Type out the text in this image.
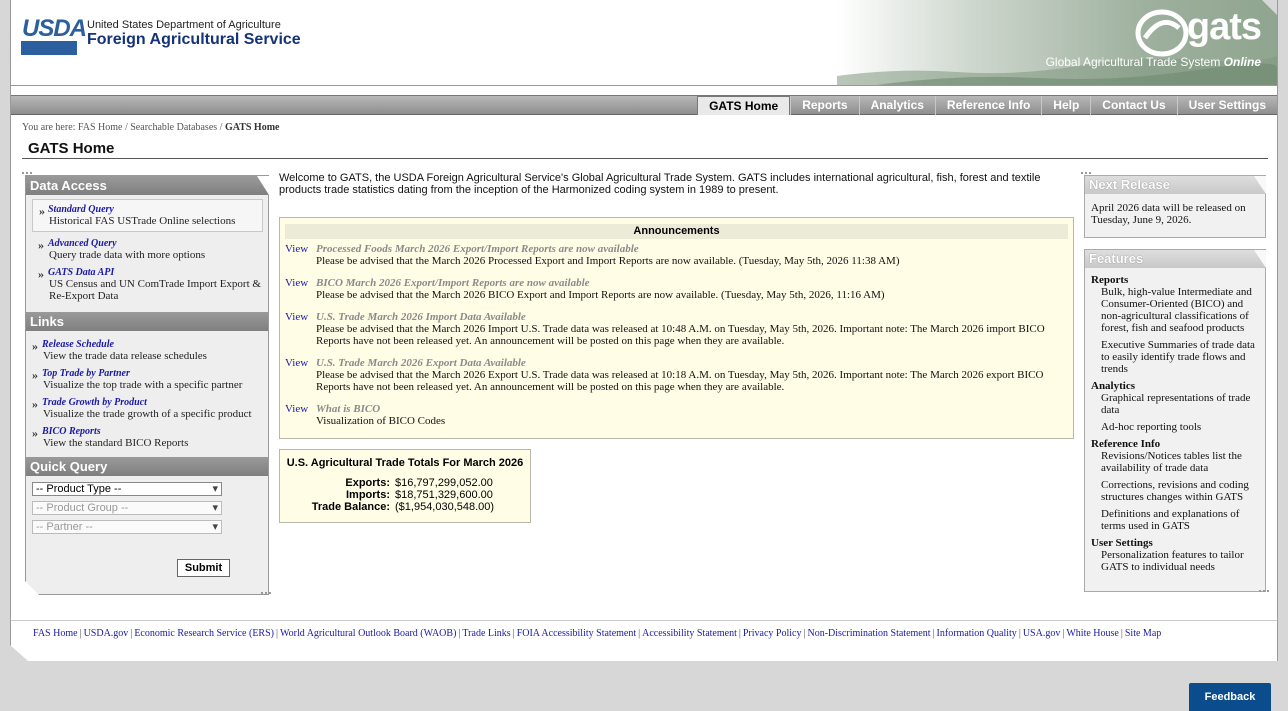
USDA United States Department of Agriculture
Foreign Agricultural Service	gats
Global Agricultural Trade System Online
GATS Home	Reports	Analytics	Reference Info	Help	Contact Us	User Settings
You are here: FAS Home / Searchable Databases / GATS Home
GATS Home
Data Access
» Standard Query
Historical FAS USTrade Online selections
» Advanced Query
Query trade data with more options
» GATS Data API
US Census and UN ComTrade Import Export & Re-Export Data
Links
» Release Schedule
View the trade data release schedules
» Top Trade by Partner
Visualize the top trade with a specific partner
» Trade Growth by Product
Visualize the trade growth of a specific product
» BICO Reports
View the standard BICO Reports
Quick Query
-- Product Type -- ▾
-- Product Group -- ▾
-- Partner -- ▾
Submit
Welcome to GATS, the USDA Foreign Agricultural Service's Global Agricultural Trade System. GATS includes international agricultural, fish, forest and textile products trade statistics dating from the inception of the Harmonized coding system in 1989 to present.
Announcements
View Processed Foods March 2026 Export/Import Reports are now available
Please be advised that the March 2026 Processed Export and Import Reports are now available. (Tuesday, May 5th, 2026 11:38 AM)
View BICO March 2026 Export/Import Reports are now available
Please be advised that the March 2026 BICO Export and Import Reports are now available. (Tuesday, May 5th, 2026, 11:16 AM)
View U.S. Trade March 2026 Import Data Available
Please be advised that the March 2026 Import U.S. Trade data was released at 10:48 A.M. on Tuesday, May 5th, 2026. Important note: The March 2026 import BICO Reports have not been released yet. An announcement will be posted on this page when they are available.
View U.S. Trade March 2026 Export Data Available
Please be advised that the March 2026 Export U.S. Trade data was released at 10:18 A.M. on Tuesday, May 5th, 2026. Important note: The March 2026 export BICO Reports have not been released yet. An announcement will be posted on this page when they are available.
View What is BICO
Visualization of BICO Codes
U.S. Agricultural Trade Totals For March 2026
Exports: $16,797,299,052.00
Imports: $18,751,329,600.00
Trade Balance: ($1,954,030,548.00)
Next Release
April 2026 data will be released on Tuesday, June 9, 2026.
Features
Reports
Bulk, high-value Intermediate and Consumer-Oriented (BICO) and non-agricultural classifications of forest, fish and seafood products
Executive Summaries of trade data to easily identify trade flows and trends
Analytics
Graphical representations of trade data
Ad-hoc reporting tools
Reference Info
Revisions/Notices tables list the availability of trade data
Corrections, revisions and coding structures changes within GATS
Definitions and explanations of terms used in GATS
User Settings
Personalization features to tailor GATS to individual needs
FAS Home | USDA.gov | Economic Research Service (ERS) | World Agricultural Outlook Board (WAOB) | Trade Links | FOIA Accessibility Statement | Accessibility Statement | Privacy Policy | Non-Discrimination Statement | Information Quality | USA.gov | White House | Site Map
Feedback
